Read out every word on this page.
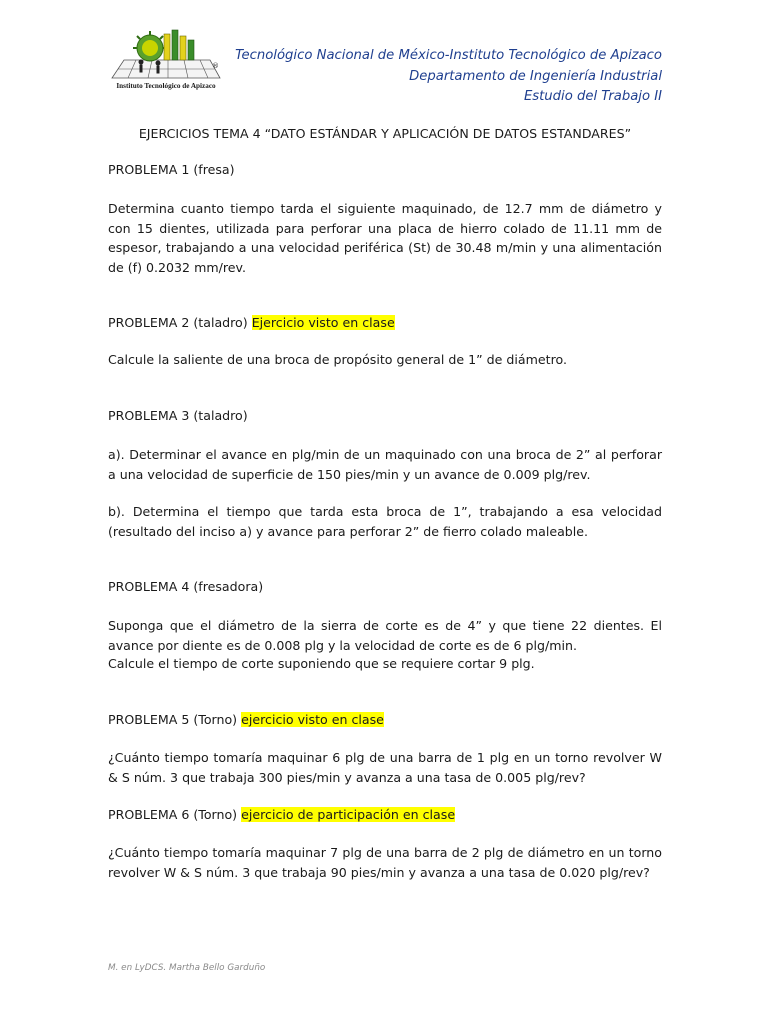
®
Instituto Tecnológico de Apizaco
Tecnológico Nacional de México-Instituto Tecnológico de Apizaco
Departamento de Ingeniería Industrial
Estudio del Trabajo II
EJERCICIOS TEMA 4 “DATO ESTÁNDAR Y APLICACIÓN DE DATOS ESTANDARES”
PROBLEMA 1 (fresa)
Determina cuanto tiempo tarda el siguiente maquinado, de 12.7 mm de diámetro y con 15 dientes, utilizada para perforar una placa de hierro colado de 11.11 mm de espesor, trabajando a una velocidad periférica (St) de 30.48 m/min y una alimentación de (f) 0.2032 mm/rev.
PROBLEMA 2 (taladro) Ejercicio visto en clase
Calcule la saliente de una broca de propósito general de 1” de diámetro.
PROBLEMA 3 (taladro)
a). Determinar el avance en plg/min de un maquinado con una broca de 2” al perforar a una velocidad de superficie de 150 pies/min y un avance de 0.009 plg/rev.
b). Determina el tiempo que tarda esta broca de 1”, trabajando a esa velocidad (resultado del inciso a) y avance para perforar 2” de fierro colado maleable.
PROBLEMA 4 (fresadora)
Suponga que el diámetro de la sierra de corte es de 4” y que tiene 22 dientes. El avance por diente es de 0.008 plg y la velocidad de corte es de 6 plg/min.
Calcule el tiempo de corte suponiendo que se requiere cortar 9 plg.
PROBLEMA 5 (Torno) ejercicio visto en clase
¿Cuánto tiempo tomaría maquinar 6 plg de una barra de 1 plg en un torno revolver W & S núm. 3 que trabaja 300 pies/min y avanza a una tasa de 0.005 plg/rev?
PROBLEMA 6 (Torno) ejercicio de participación en clase
¿Cuánto tiempo tomaría maquinar 7 plg de una barra de 2 plg de diámetro en un torno revolver W & S núm. 3 que trabaja 90 pies/min y avanza a una tasa de 0.020 plg/rev?
M. en LyDCS. Martha Bello Garduño
